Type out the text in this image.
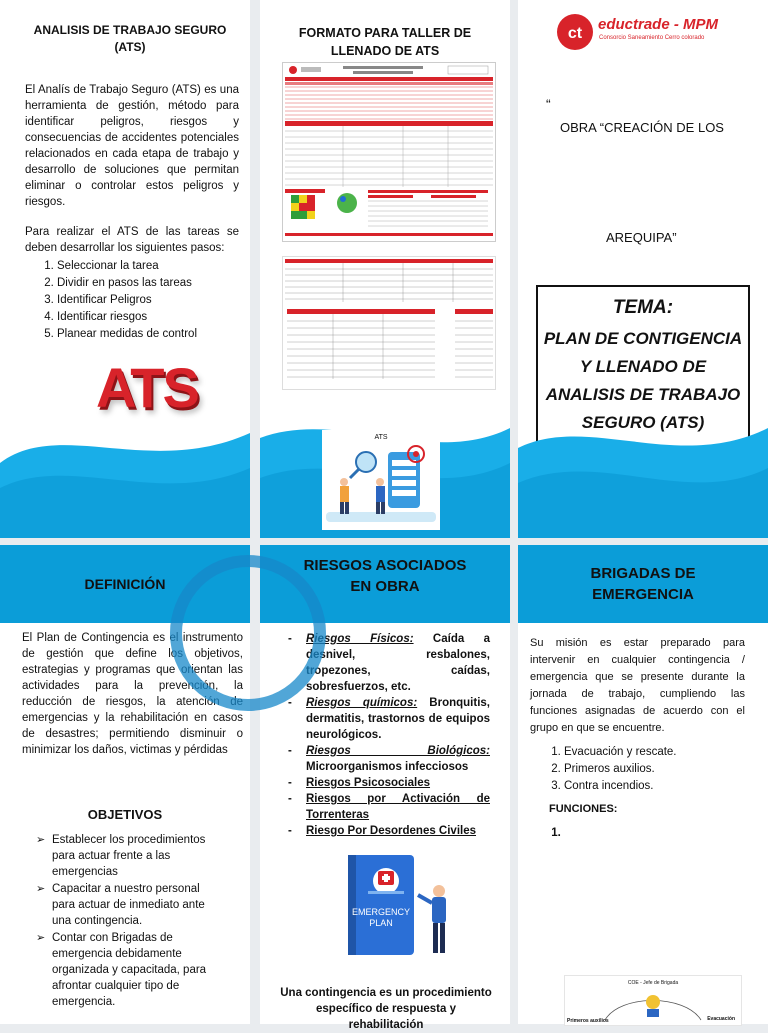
ANALISIS DE TRABAJO SEGURO (ATS)
El Analís de Trabajo Seguro (ATS) es una herramienta de gestión, método para identificar peligros, riesgos y consecuencias de accidentes potenciales relacionados en cada etapa de trabajo y desarrollo de soluciones que permitan eliminar o controlar estos peligros y riesgos.
Para realizar el ATS de las tareas se deben desarrollar los siguientes pasos:
1. Seleccionar la tarea
2. Dividir en pasos las tareas
3. Identificar Peligros
4. Identificar riesgos
5. Planear medidas de control
ATS
FORMATO PARA TALLER DE LLENADO DE ATS
ATS
ct
eductrade - MPM
Consorcio Saneamiento Cerro colorado
“
OBRA “CREACIÓN DE LOS
AREQUIPA”
TEMA:
PLAN DE CONTIGENCIA Y LLENADO DE ANALISIS DE TRABAJO SEGURO (ATS)
DEFINICIÓN
El Plan de Contingencia es el instrumento de gestión que define los objetivos, estrategias y programas que orientan las actividades para la prevención, la reducción de riesgos, la atención de emergencias y la rehabilitación en casos de desastres; permitiendo disminuir o minimizar los daños, victimas y pérdidas
OBJETIVOS
➢ Establecer los procedimientos para actuar frente a las emergencias
➢ Capacitar a nuestro personal para actuar de inmediato ante una contingencia.
➢ Contar con Brigadas de emergencia debidamente organizada y capacitada, para afrontar cualquier tipo de emergencia.
RIESGOS ASOCIADOS EN OBRA
- Riesgos Físicos: Caída a desnivel, resbalones, tropezones, caídas, sobresfuerzos, etc.
- Riesgos químicos: Bronquitis, dermatitis, trastornos de equipos neurológicos.
- Riesgos Biológicos: Microorganismos infecciosos
- Riesgos Psicosociales
- Riesgos por Activación de Torrenteras
- Riesgo Por Desordenes Civiles
EMERGENCY
PLAN
Una contingencia es un procedimiento específico de respuesta y rehabilitación
BRIGADAS DE EMERGENCIA
Su misión es estar preparado para intervenir en cualquier contingencia / emergencia que se presente durante la jornada de trabajo, cumpliendo las funciones asignadas de acuerdo con el grupo en que se encuentre.
1. Evacuación y rescate.
2. Primeros auxilios.
3. Contra incendios.
FUNCIONES:
1.
COE - Jefe de Brigada
Primeros auxilios	Evacuación
